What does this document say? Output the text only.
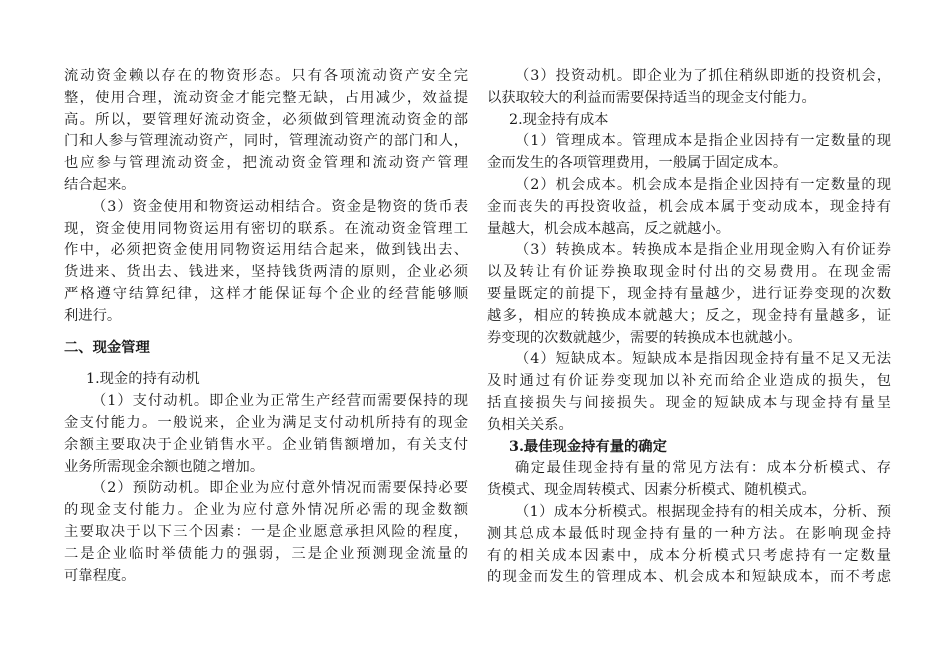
流动资金赖以存在的物资形态。只有各项流动资产安全完
整，使用合理，流动资金才能完整无缺，占用减少，效益提
高。所以，要管理好流动资金，必须做到管理流动资金的部
门和人参与管理流动资产，同时，管理流动资产的部门和人，
也应参与管理流动资金，把流动资金管理和流动资产管理
结合起来。
（3）资金使用和物资运动相结合。资金是物资的货币表
现，资金使用同物资运用有密切的联系。在流动资金管理工
作中，必须把资金使用同物资运用结合起来，做到钱出去、
货进来、货出去、钱进来，坚持钱货两清的原则，企业必须
严格遵守结算纪律，这样才能保证每个企业的经营能够顺
利进行。
二、现金管理
1.现金的持有动机
（1）支付动机。即企业为正常生产经营而需要保持的现
金支付能力。一般说来，企业为满足支付动机所持有的现金
余额主要取决于企业销售水平。企业销售额增加，有关支付
业务所需现金余额也随之增加。
（2）预防动机。即企业为应付意外情况而需要保持必要
的现金支付能力。企业为应付意外情况所必需的现金数额
主要取决于以下三个因素：一是企业愿意承担风险的程度，
二是企业临时举债能力的强弱，三是企业预测现金流量的
可靠程度。
（3）投资动机。即企业为了抓住稍纵即逝的投资机会，
以获取较大的利益而需要保持适当的现金支付能力。
2.现金持有成本
（1）管理成本。管理成本是指企业因持有一定数量的现
金而发生的各项管理费用，一般属于固定成本。
（2）机会成本。机会成本是指企业因持有一定数量的现
金而丧失的再投资收益，机会成本属于变动成本，现金持有
量越大，机会成本越高，反之就越小。
（3）转换成本。转换成本是指企业用现金购入有价证券
以及转让有价证券换取现金时付出的交易费用。在现金需
要量既定的前提下，现金持有量越少，进行证券变现的次数
越多，相应的转换成本就越大；反之，现金持有量越多，证
券变现的次数就越少，需要的转换成本也就越小。
（4）短缺成本。短缺成本是指因现金持有量不足又无法
及时通过有价证券变现加以补充而给企业造成的损失，包
括直接损失与间接损失。现金的短缺成本与现金持有量呈
负相关关系。
3.最佳现金持有量的确定
确定最佳现金持有量的常见方法有：成本分析模式、存
货模式、现金周转模式、因素分析模式、随机模式。
（1）成本分析模式。根据现金持有的相关成本，分析、预
测其总成本最低时现金持有量的一种方法。在影响现金持
有的相关成本因素中，成本分析模式只考虑持有一定数量
的现金而发生的管理成本、机会成本和短缺成本，而不考虑
